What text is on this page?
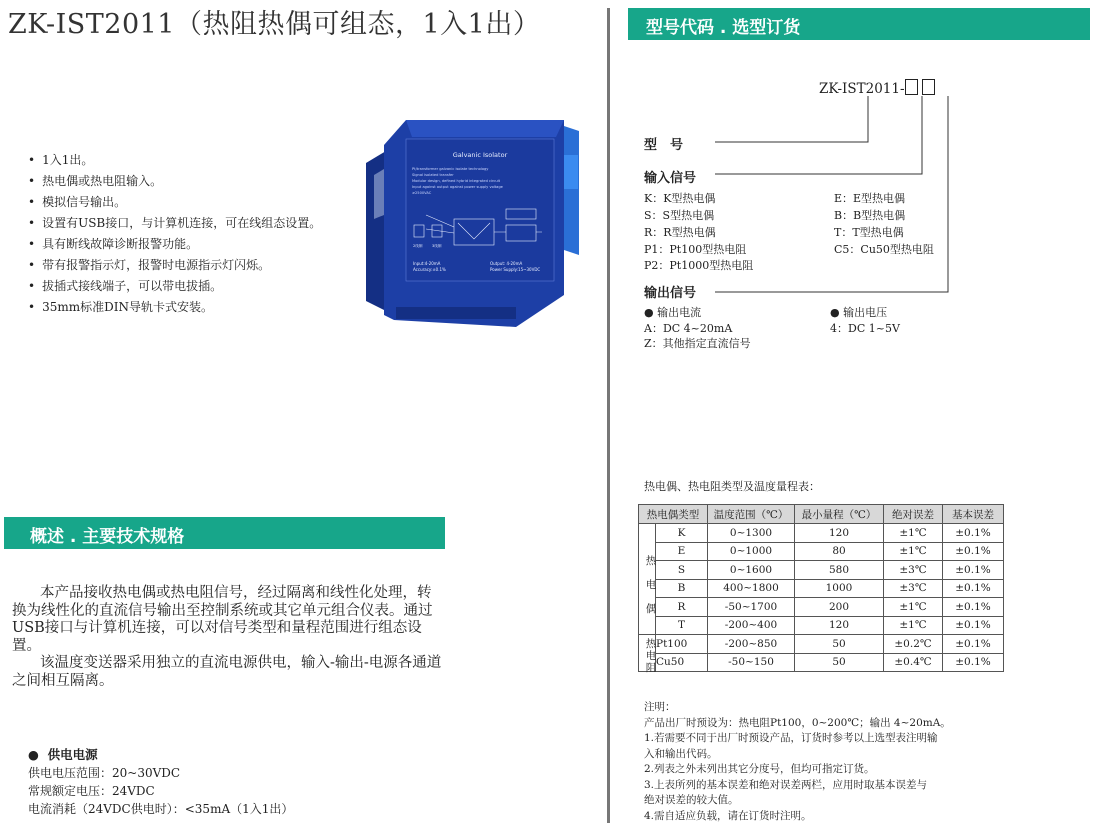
ZK-IST2011（热阻热偶可组态，1入1出）
• 1入1出。
• 热电偶或热电阻输入。
• 模拟信号输出。
• 设置有USB接口，与计算机连接，可在线组态设置。
• 具有断线故障诊断报警功能。
• 带有报警指示灯，报警时电源指示灯闪烁。
• 拔插式接线端子，可以带电拔插。
• 35mm标准DIN导轨卡式安装。
Galvanic Isolator
Pt/transformer galvanic isolate technology
Signal isolated transfer
Modular design, defined hybrid integrated circuit
Input against output against power supply voltage
≥2500VAC
2线制	3线制
Input:4-20mA
Accuracy:±0.1%
Output: 4-20mA
Power Supply:15~30VDC
型号代码 . 选型订货
概述 . 主要技术规格

本产品接收热电偶或热电阻信号，经过隔离和线性化处理，转换为线性化的直流信号输出至控制系统或其它单元组合仪表。通过USB接口与计算机连接，可以对信号类型和量程范围进行组态设置。

该温度变送器采用独立的直流电源供电，输入-输出-电源各通道之间相互隔离。

●  供电电源
供电电压范围：20~30VDC
常规额定电压：24VDC
电流消耗（24VDC供电时）：<35mA（1入1出）
ZK-IST2011-
型　号
输入信号
K：K型热电偶
S：S型热电偶
R：R型热电偶
P1：Pt100型热电阻
P2：Pt1000型热电阻
E：E型热电偶
B：B型热电偶
T：T型热电偶
C5：Cu50型热电阻
输出信号
● 输出电流
A：DC 4~20mA
Z：其他指定直流信号
● 输出电压
4：DC 1~5V
热电偶、热电阻类型及温度量程表：
热电偶类型		温度范围（℃）	最小量程（℃）	绝对误差	基本误差
	K	0~1300	120	±1℃	±0.1%
	E	0~1000	80	±1℃	±0.1%
	S	0~1600	580	±3℃	±0.1%
	B	400~1800	1000	±3℃	±0.1%
	R	-50~1700	200	±1℃	±0.1%
	T	-200~400	120	±1℃	±0.1%
	Pt100	-200~850	50	±0.2℃	±0.1%
	Cu50	-50~150	50	±0.4℃	±0.1%
热电偶
热电阻
注明：
产品出厂时预设为：热电阻Pt100，0~200℃；输出 4~20mA。
1.若需要不同于出厂时预设产品，订货时参考以上选型表注明输
入和输出代码。
2.列表之外未列出其它分度号，但均可指定订货。
3.上表所列的基本误差和绝对误差两栏，应用时取基本误差与
绝对误差的较大值。
4.需自适应负载，请在订货时注明。
